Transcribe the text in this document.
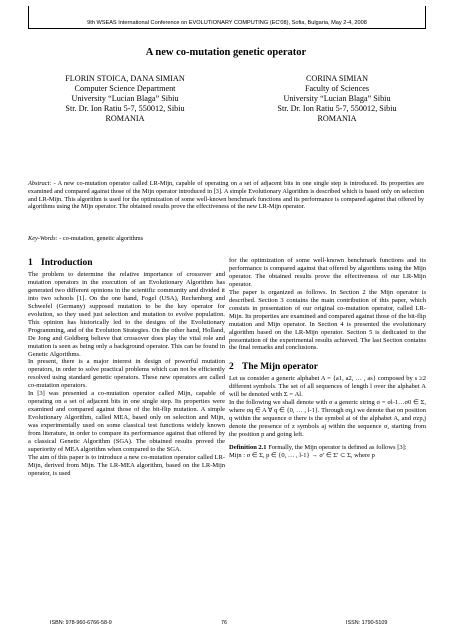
9th WSEAS International Conference on EVOLUTIONARY COMPUTING (EC'08), Sofia, Bulgaria, May 2-4, 2008
A new co-mutation genetic operator
FLORIN STOICA, DANA SIMIAN
Computer Science Department
University “Lucian Blaga” Sibiu
Str. Dr. Ion Ratiu 5-7, 550012, Sibiu
ROMANIA
CORINA SIMIAN
Faculty of Sciences
University “Lucian Blaga” Sibiu
Str. Dr. Ion Ratiu 5-7, 550012, Sibiu
ROMANIA
Abstract: - A new co-mutation operator called LR-Mijn, capable of operating on a set of adjacent bits in one single step is introduced. Its properties are examined and compared against those of the Mijn operator introduced in [3]. A simple Evolutionary Algorithm is described which is based only on selection and LR-Mijn. This algorithm is used for the optimization of some well-known benchmark functions and its performance is compared against that offered by algorithms using the Mijn operator. The obtained results prove the effectiveness of the new LR-Mijn operator.
Key-Words: - co-mutation, genetic algorithms
1 Introduction

The problem to determine the relative importance of crossover and mutation operators in the execution of an Evolutionary Algorithm has generated two different opinions in the scientific community and divided it into two schools [1]. On the one hand, Fogel (USA), Rechenberg and Schwefel (Germany) supposed mutation to be the key operator for evolution, so they used just selection and mutation to evolve population. This opinion has historically led to the designs of the Evolutionary Programming, and of the Evolution Strategies. On the other hand, Holland, De Jong and Goldberg believe that crossover does play the vital role and mutation is seen as being only a background operator. This can be found in Genetic Algorithms.

In present, there is a major interest in design of powerful mutation operators, in order to solve practical problems which can not be efficiently resolved using standard genetic operators. These new operators are called co-mutation operators.

In [3] was presented a co-mutation operator called Mijn, capable of operating on a set of adjacent bits in one single step. Its properties were examined and compared against those of the bit-flip mutation. A simple Evolutionary Algorithm, called MEA, based only on selection and Mijn, was experimentally used on some classical test functions widely known from literature, in order to compare its performance against that offered by a classical Genetic Algorithm (SGA). The obtained results proved the superiority of MEA algorithm when compared to the SGA.

The aim of this paper is to introduce a new co-mutation operator called LR-Mijn, derived from Mijn. The LR-MEA algorithm, based on the LR-Mijn operator, is used

for the optimization of some well-known benchmark functions and its performance is compared against that offered by algorithms using the Mijn operator. The obtained results prove the effectiveness of our LR-Mijn operator.

The paper is organized as follows. In Section 2 the Mijn operator is described. Section 3 contains the main contribution of this paper, which consists in presentation of our original co-mutation operator, called LR-Mijn. Its properties are examined and compared against those of the bit-flip mutation and Mijn operator. In Section 4 is presented the evolutionary algorithm based on the LR-Mijn operator. Section 5 is dedicated to the presentation of the experimental results achieved. The last Section contains the final remarks and conclusions.

2 The Mijn operator

Let us consider a generic alphabet A = {a1, a2, … , as} composed by s ≥2 different symbols. The set of all sequences of length l over the alphabet A will be denoted with Σ = Al.

In the following we shall denote with σ a generic string σ = σl-1…σ0 ∈ Σ, where σq ∈ A ∀ q ∈ {0, … , l-1}. Through σq,i we denote that on position q within the sequence σ there is the symbol ai of the alphabet A, and σzp,j denote the presence of z symbols aj within the sequence σ, starting from the position p and going left.

Definition 2.1 Formally, the Mijn operator is defined as follows [3]:

Mijn : σ ∈ Σ, p ∈ {0, … , l-1} → σ′ ∈ Σ′ ⊂ Σ, where p

ISBN: 978-960-6766-58-9	76	ISSN: 1790-5109
